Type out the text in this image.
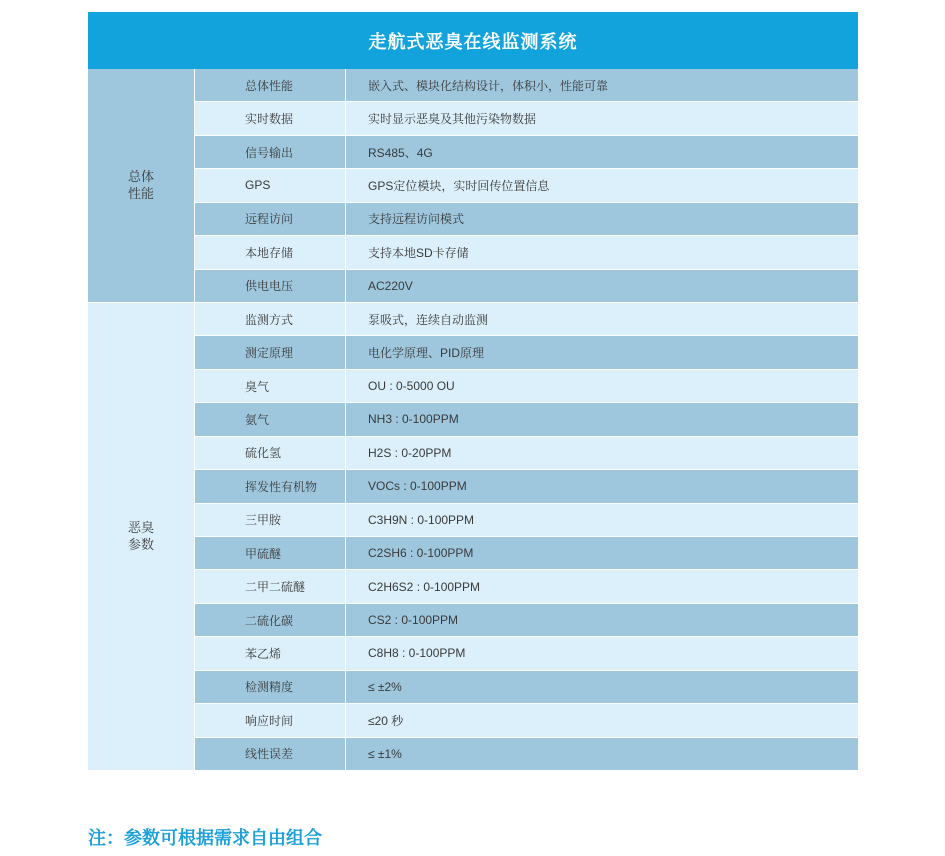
走航式恶臭在线监测系统
总体
性能
总体性能	嵌入式、模块化结构设计，体积小，性能可靠
实时数据	实时显示恶臭及其他污染物数据
信号输出	RS485、4G
GPS	GPS定位模块，实时回传位置信息
远程访问	支持远程访问模式
本地存储	支持本地SD卡存储
供电电压	AC220V
恶臭
参数
监测方式	泵吸式，连续自动监测
测定原理	电化学原理、PID原理
臭气	OU : 0-5000 OU
氨气	NH3 : 0-100PPM
硫化氢	H2S : 0-20PPM
挥发性有机物	VOCs : 0-100PPM
三甲胺	C3H9N : 0-100PPM
甲硫醚	C2SH6 : 0-100PPM
二甲二硫醚	C2H6S2 : 0-100PPM
二硫化碳	CS2 : 0-100PPM
苯乙烯	C8H8 : 0-100PPM
检测精度	≤ ±2%
响应时间	≤20 秒
线性误差	≤ ±1%
注：参数可根据需求自由组合
